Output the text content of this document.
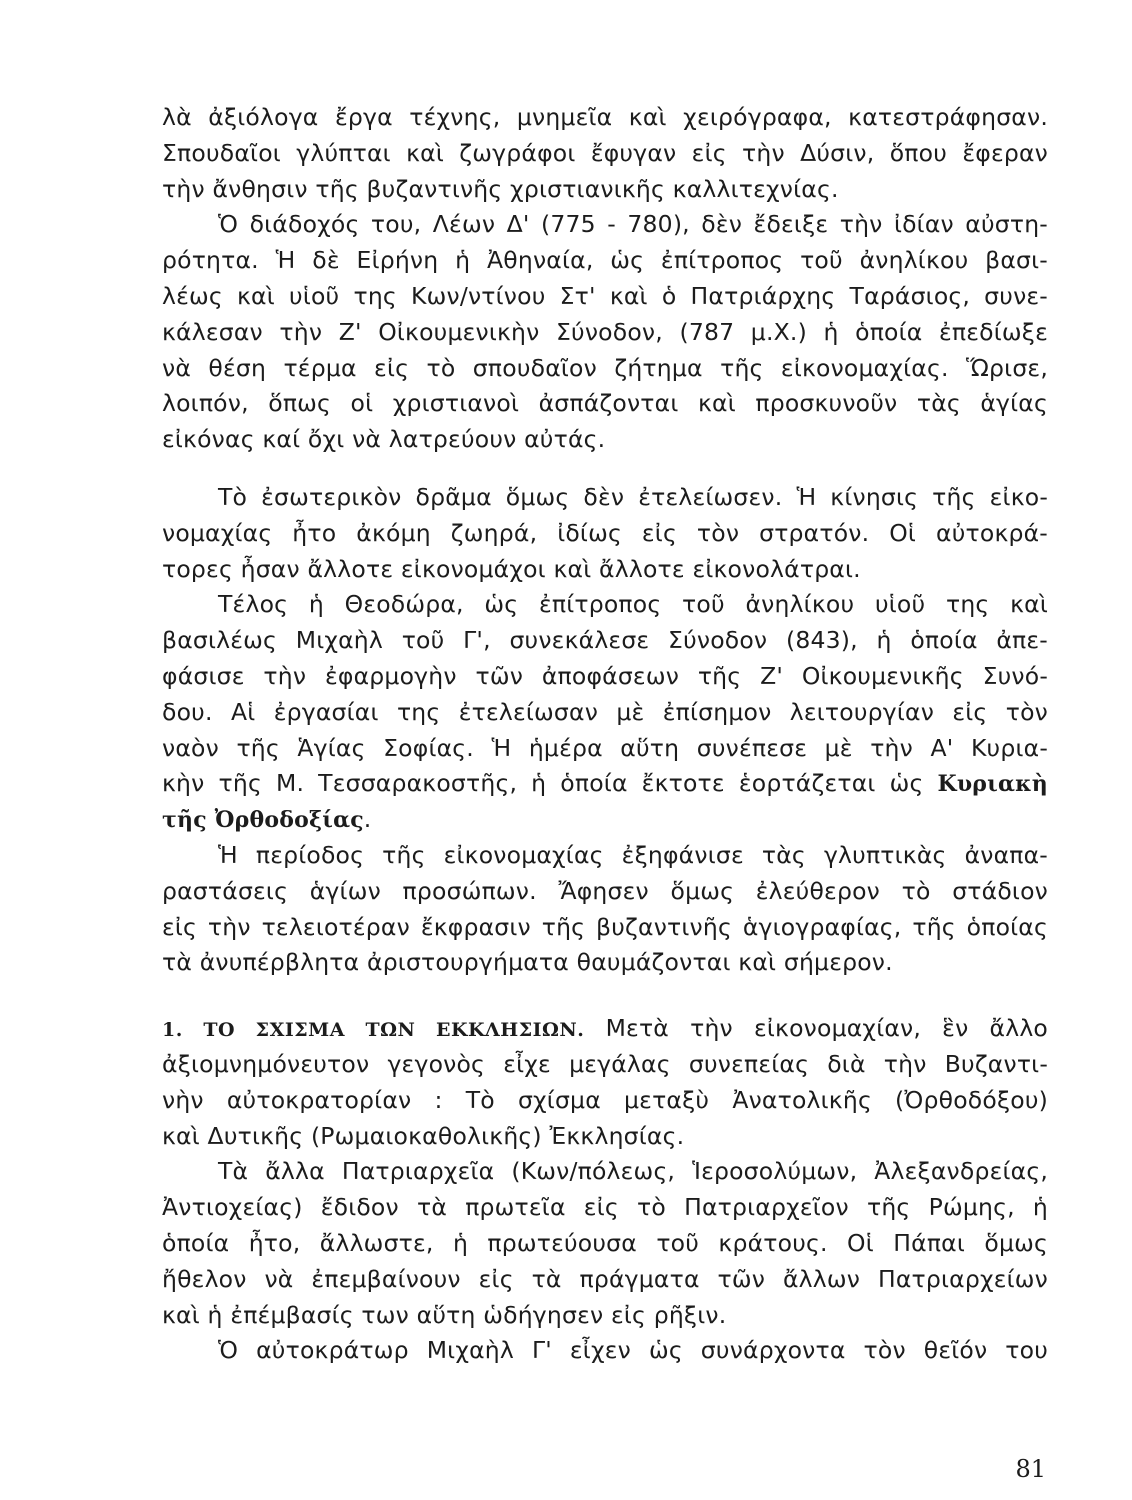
λὰ ἀξιόλογα ἔργα τέχνης, μνημεῖα καὶ χειρόγραφα, κατεστράφησαν.
Σπουδαῖοι γλύπται καὶ ζωγράφοι ἔφυγαν εἰς τὴν Δύσιν, ὅπου ἔφεραν
τὴν ἄνθησιν τῆς βυζαντινῆς χριστιανικῆς καλλιτεχνίας.
Ὁ διάδοχός του, Λέων Δ' (775 - 780), δὲν ἔδειξε τὴν ἰδίαν αὐστη-
ρότητα. Ἡ δὲ Εἰρήνη ἡ Ἀθηναία, ὡς ἐπίτροπος τοῦ ἀνηλίκου βασι-
λέως καὶ υἱοῦ της Κων/ντίνου Στ' καὶ ὁ Πατριάρχης Ταράσιος, συνε-
κάλεσαν τὴν Ζ' Οἰκουμενικὴν Σύνοδον, (787 μ.Χ.) ἡ ὁποία ἐπεδίωξε
νὰ θέση τέρμα εἰς τὸ σπουδαῖον ζήτημα τῆς εἰκονομαχίας. Ὥρισε,
λοιπόν, ὅπως οἱ χριστιανοὶ ἀσπάζονται καὶ προσκυνοῦν τὰς ἁγίας
εἰκόνας καί ὄχι νὰ λατρεύουν αὐτάς.
Τὸ ἐσωτερικὸν δρᾶμα ὅμως δὲν ἐτελείωσεν. Ἡ κίνησις τῆς εἰκο-
νομαχίας ἦτο ἀκόμη ζωηρά, ἰδίως εἰς τὸν στρατόν. Οἱ αὐτοκρά-
τορες ἦσαν ἄλλοτε εἰκονομάχοι καὶ ἄλλοτε εἰκονολάτραι.
Τέλος ἡ Θεοδώρα, ὡς ἐπίτροπος τοῦ ἀνηλίκου υἱοῦ της καὶ
βασιλέως Μιχαὴλ τοῦ Γ', συνεκάλεσε Σύνοδον (843), ἡ ὁποία ἀπε-
φάσισε τὴν ἐφαρμογὴν τῶν ἀποφάσεων τῆς Ζ' Οἰκουμενικῆς Συνό-
δου. Αἱ ἐργασίαι της ἐτελείωσαν μὲ ἐπίσημον λειτουργίαν εἰς τὸν
ναὸν τῆς Ἁγίας Σοφίας. Ἡ ἡμέρα αὕτη συνέπεσε μὲ τὴν Α' Κυρια-
κὴν τῆς Μ. Τεσσαρακοστῆς, ἡ ὁποία ἔκτοτε ἑορτάζεται ὡς Κυριακὴ
τῆς Ὀρθοδοξίας.
Ἡ περίοδος τῆς εἰκονομαχίας ἐξηφάνισε τὰς γλυπτικὰς ἀναπα-
ραστάσεις ἁγίων προσώπων. Ἄφησεν ὅμως ἐλεύθερον τὸ στάδιον
εἰς τὴν τελειοτέραν ἔκφρασιν τῆς βυζαντινῆς ἁγιογραφίας, τῆς ὁποίας
τὰ ἀνυπέρβλητα ἀριστουργήματα θαυμάζονται καὶ σήμερον.
1. ΤΟ ΣΧΙΣΜΑ ΤΩΝ ΕΚΚΛΗΣΙΩΝ. Μετὰ τὴν εἰκονομαχίαν, ἓν ἄλλο
ἀξιομνημόνευτον γεγονὸς εἶχε μεγάλας συνεπείας διὰ τὴν Βυζαντι-
νὴν αὐτοκρατορίαν : Τὸ σχίσμα μεταξὺ Ἀνατολικῆς (Ὀρθοδόξου)
καὶ Δυτικῆς (Ρωμαιοκαθολικῆς) Ἐκκλησίας.
Τὰ ἄλλα Πατριαρχεῖα (Κων/πόλεως, Ἱεροσολύμων, Ἀλεξανδρείας,
Ἀντιοχείας) ἔδιδον τὰ πρωτεῖα εἰς τὸ Πατριαρχεῖον τῆς Ρώμης, ἡ
ὁποία ἦτο, ἄλλωστε, ἡ πρωτεύουσα τοῦ κράτους. Οἱ Πάπαι ὅμως
ἤθελον νὰ ἐπεμβαίνουν εἰς τὰ πράγματα τῶν ἄλλων Πατριαρχείων
καὶ ἡ ἐπέμβασίς των αὕτη ὡδήγησεν εἰς ρῆξιν.
Ὁ αὐτοκράτωρ Μιχαὴλ Γ' εἶχεν ὡς συνάρχοντα τὸν θεῖόν του
81
